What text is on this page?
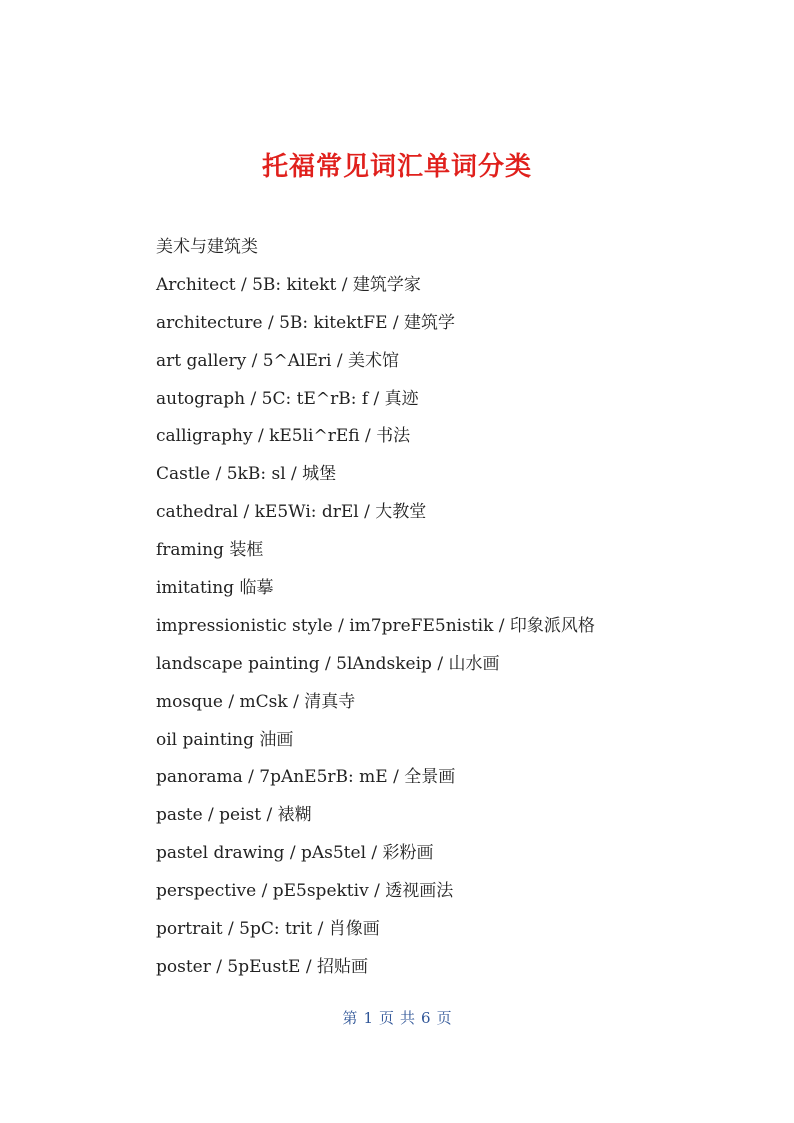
托福常见词汇单词分类
美术与建筑类
Architect / 5B: kitekt / 建筑学家
architecture / 5B: kitektFE / 建筑学
art gallery / 5^AlEri / 美术馆
autograph / 5C: tE^rB: f / 真迹
calligraphy / kE5li^rEfi / 书法
Castle / 5kB: sl / 城堡
cathedral / kE5Wi: drEl / 大教堂
framing 装框
imitating 临摹
impressionistic style / im7preFE5nistik / 印象派风格
landscape painting / 5lAndskeip / 山水画
mosque / mCsk / 清真寺
oil painting 油画
panorama / 7pAnE5rB: mE / 全景画
paste / peist / 裱糊
pastel drawing / pAs5tel / 彩粉画
perspective / pE5spektiv / 透视画法
portrait / 5pC: trit / 肖像画
poster / 5pEustE / 招贴画
第 1 页 共 6 页
